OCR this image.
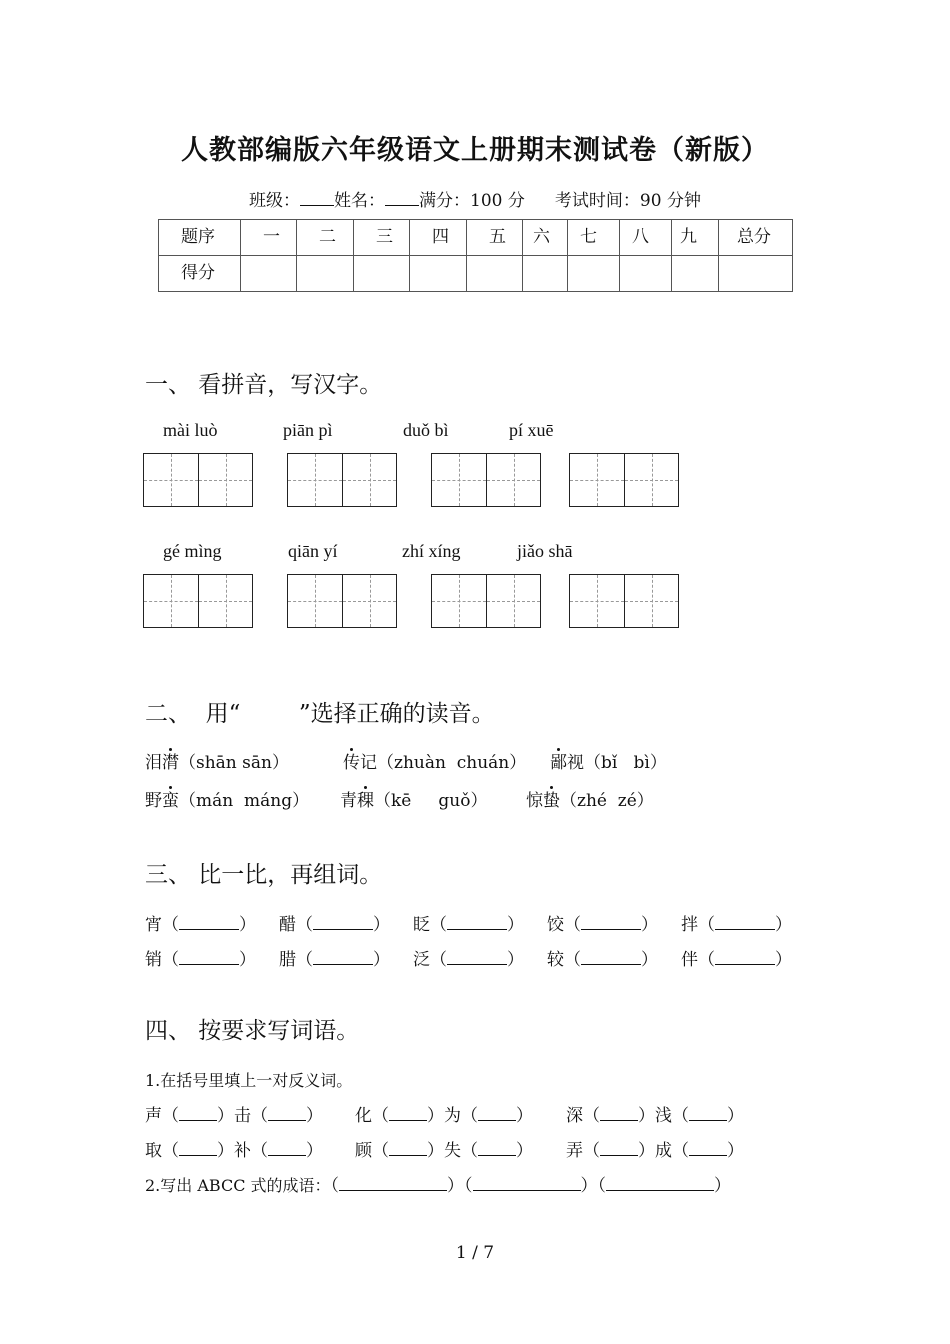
人教部编版六年级语文上册期末测试卷（新版）
班级： 姓名： 满分：100 分 考试时间：90 分钟
题序	一	二	三	四	五	六	七	八	九	总分
得分										
一、 看拼音，写汉字。
mài luò	piān pì	duǒ bì	pí xuē
gé mìng	qiān yí	zhí xíng	jiǎo shā
二、  用“        ”选择正确的读音。
泪潸（shān sān）	传记（zhuàn  chuán） 鄙视（bǐ   bì）
野蛮（mán  máng） 青稞（kē     guǒ） 惊蛰（zhé  zé）
三、 比一比，再组词。
宵（	） 醋（	） 眨（	） 饺（	） 拌（	）
销（	） 腊（	） 泛（	） 较（	） 伴（	）
四、 按要求写词语。
1.在括号里填上一对反义词。
声（ ）击（ ） 化（ ）为（ ） 深（ ）浅（ ）
取（ ）补（ ） 顾（ ）失（ ） 弄（ ）成（ ）
2.写出 ABCC 式的成语：（	）（	）（	）
1 / 7
